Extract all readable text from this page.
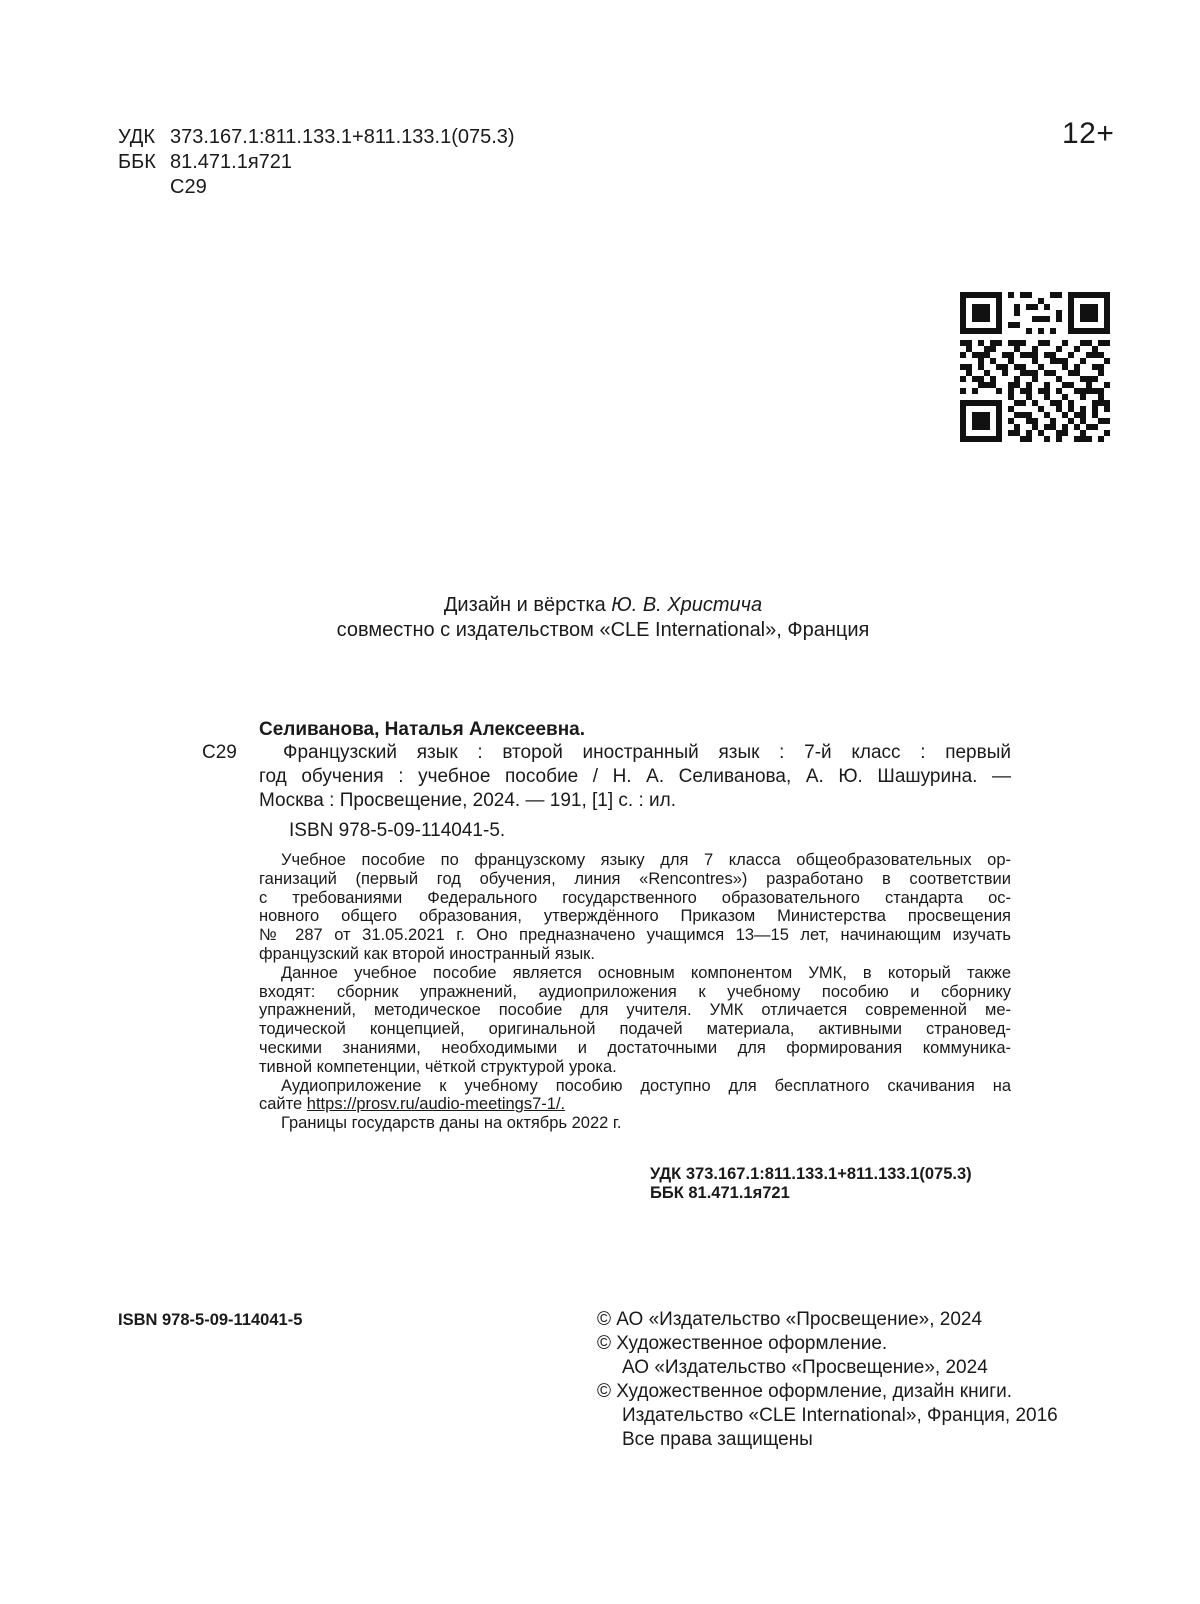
УДК 373.167.1:811.133.1+811.133.1(075.3)
ББК 81.471.1я721
С29
12+
Дизайн и вёрстка Ю. В. Христича
совместно с издательством «CLE International», Франция
Селиванова, Наталья Алексеевна.
С29	Французский язык : второй иностранный язык : 7-й класс : первый
год обучения : учебное пособие / Н. А. Селиванова, А. Ю. Шашурина. —
Москва : Просвещение, 2024. — 191, [1] с. : ил.
ISBN 978-5-09-114041-5.
Учебное пособие по французскому языку для 7 класса общеобразовательных ор-
ганизаций (первый год обучения, линия «Rencontres») разработано в соответствии
с требованиями Федерального государственного образовательного стандарта ос-
новного общего образования, утверждённого Приказом Министерства просвещения
№ 287 от 31.05.2021 г. Оно предназначено учащимся 13—15 лет, начинающим изучать
французский как второй иностранный язык.
Данное учебное пособие является основным компонентом УМК, в который также
входят: сборник упражнений, аудиоприложения к учебному пособию и сборнику
упражнений, методическое пособие для учителя. УМК отличается современной ме-
тодической концепцией, оригинальной подачей материала, активными страновед-
ческими знаниями, необходимыми и достаточными для формирования коммуника-
тивной компетенции, чёткой структурой урока.
Аудиоприложение к учебному пособию доступно для бесплатного скачивания на
сайте https://prosv.ru/audio-meetings7-1/.
Границы государств даны на октябрь 2022 г.
УДК 373.167.1:811.133.1+811.133.1(075.3)
ББК 81.471.1я721
ISBN 978-5-09-114041-5	© АО «Издательство «Просвещение», 2024
© Художественное оформление.
АО «Издательство «Просвещение», 2024
© Художественное оформление, дизайн книги.
Издательство «CLE International», Франция, 2016
Все права защищены
